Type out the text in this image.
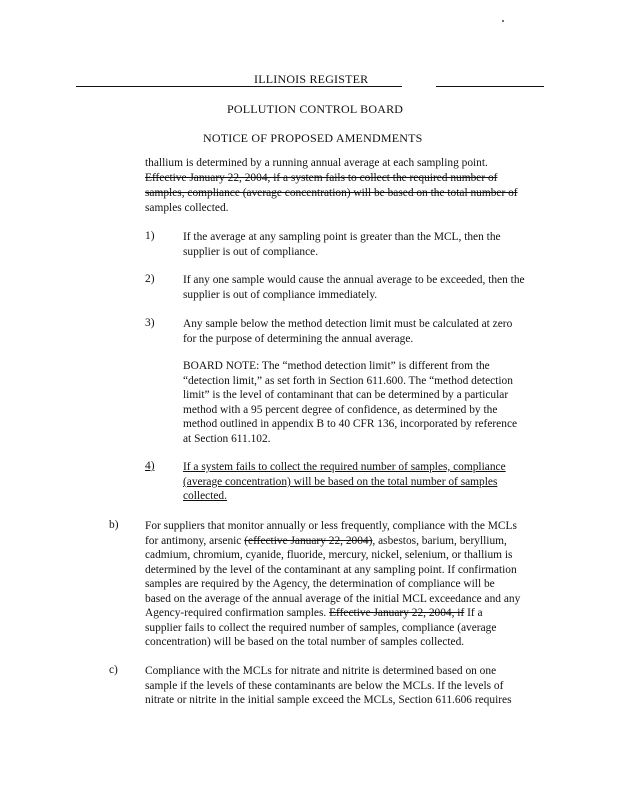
ILLINOIS REGISTER
POLLUTION CONTROL BOARD
NOTICE OF PROPOSED AMENDMENTS
thallium is determined by a running annual average at each sampling point.
Effective January 22, 2004, if a system fails to collect the required number of
samples, compliance (average concentration) will be based on the total number of
samples collected.
1)	If the average at any sampling point is greater than the MCL, then the
supplier is out of compliance.
2)	If any one sample would cause the annual average to be exceeded, then the
supplier is out of compliance immediately.
3)	Any sample below the method detection limit must be calculated at zero
for the purpose of determining the annual average.
BOARD NOTE: The “method detection limit” is different from the
“detection limit,” as set forth in Section 611.600. The “method detection
limit” is the level of contaminant that can be determined by a particular
method with a 95 percent degree of confidence, as determined by the
method outlined in appendix B to 40 CFR 136, incorporated by reference
at Section 611.102.
4)	If a system fails to collect the required number of samples, compliance
(average concentration) will be based on the total number of samples
collected.
b) For suppliers that monitor annually or less frequently, compliance with the MCLs
for antimony, arsenic (effective January 22, 2004), asbestos, barium, beryllium,
cadmium, chromium, cyanide, fluoride, mercury, nickel, selenium, or thallium is
determined by the level of the contaminant at any sampling point. If confirmation
samples are required by the Agency, the determination of compliance will be
based on the average of the annual average of the initial MCL exceedance and any
Agency-required confirmation samples. Effective January 22, 2004, if If a
supplier fails to collect the required number of samples, compliance (average
concentration) will be based on the total number of samples collected.
c) Compliance with the MCLs for nitrate and nitrite is determined based on one
sample if the levels of these contaminants are below the MCLs. If the levels of
nitrate or nitrite in the initial sample exceed the MCLs, Section 611.606 requires
